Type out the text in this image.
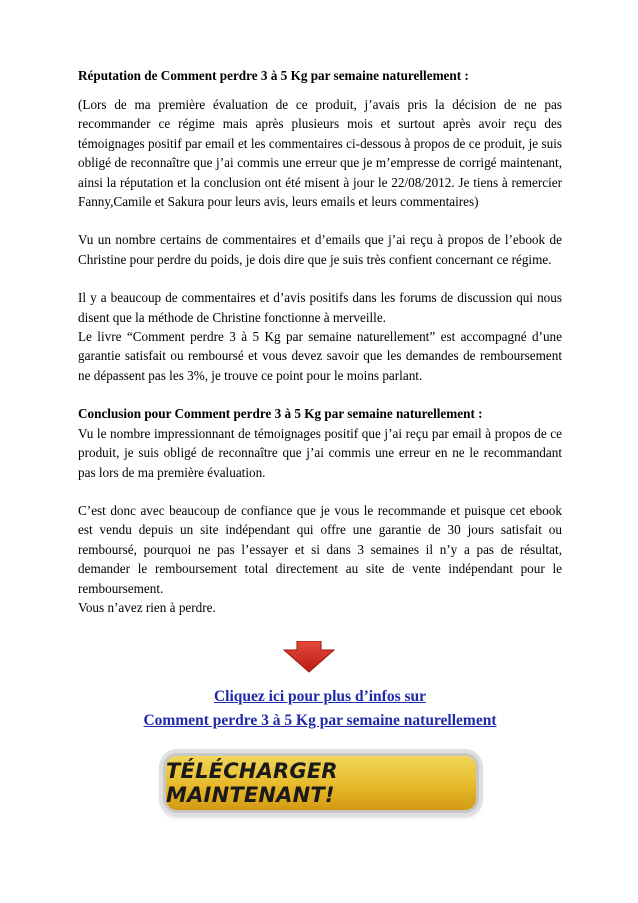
Réputation de Comment perdre 3 à 5 Kg par semaine naturellement :
(Lors de ma première évaluation de ce produit, j’avais pris la décision de ne pas recommander ce régime mais après plusieurs mois et surtout après avoir reçu des témoignages positif par email et les commentaires ci-dessous à propos de ce produit, je suis obligé de reconnaître que j’ai commis une erreur que je m’empresse de corrigé maintenant, ainsi la réputation et la conclusion ont été misent à jour le 22/08/2012. Je tiens à remercier Fanny,Camile et Sakura pour leurs avis, leurs emails et leurs commentaires)
Vu un nombre certains de commentaires et d’emails que j’ai reçu à propos de l’ebook de Christine pour perdre du poids, je dois dire que je suis très confient concernant ce régime.

Il y a beaucoup de commentaires et d’avis positifs dans les forums de discussion qui nous disent que la méthode de Christine fonctionne à merveille.

Le livre “Comment perdre 3 à 5 Kg par semaine naturellement” est accompagné d’une garantie satisfait ou remboursé et vous devez savoir que les demandes de remboursement ne dépassent pas les 3%, je trouve ce point pour le moins parlant.

Conclusion pour Comment perdre 3 à 5 Kg par semaine naturellement :

Vu le nombre impressionnant de témoignages positif que j’ai reçu par email à propos de ce produit, je suis obligé de reconnaître que j’ai commis une erreur en ne le recommandant pas lors de ma première évaluation.

C’est donc avec beaucoup de confiance que je vous le recommande et puisque cet ebook est vendu depuis un site indépendant qui offre une garantie de 30 jours satisfait ou remboursé, pourquoi ne pas l’essayer et si dans 3 semaines il n’y a pas de résultat, demander le remboursement total directement au site de vente indépendant pour le remboursement.

Vous n’avez rien à perdre.

Cliquez ici pour plus d’infos sur
Comment perdre 3 à 5 Kg par semaine naturellement
TÉLÉCHARGER MAINTENANT!
